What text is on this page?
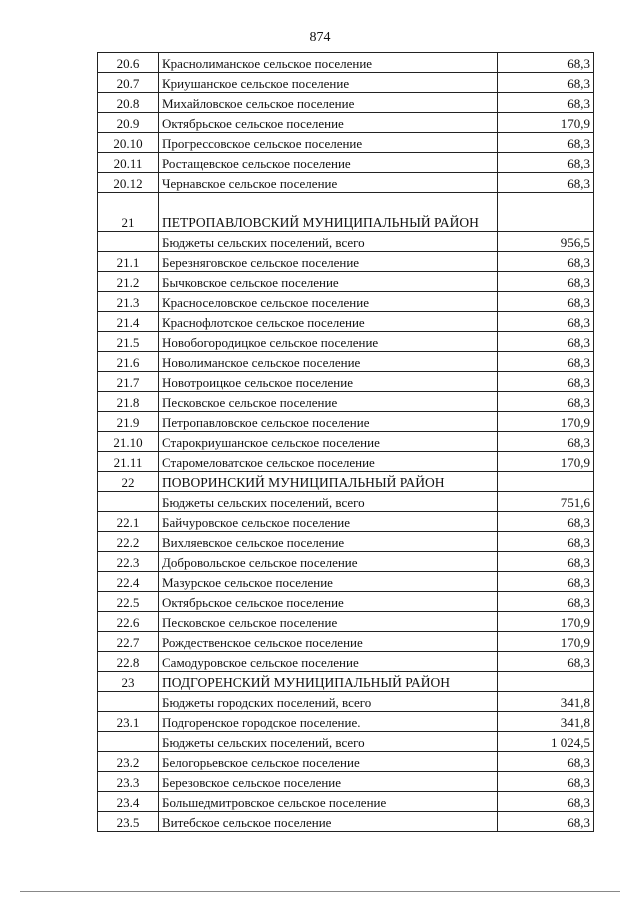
874
20.6	Краснолиманское сельское поселение	68,3
20.7	Криушанское сельское поселение	68,3
20.8	Михайловское сельское поселение	68,3
20.9	Октябрьское сельское поселение	170,9
20.10	Прогрессовское сельское поселение	68,3
20.11	Ростащевское сельское поселение	68,3
20.12	Чернавское сельское поселение	68,3
21	ПЕТРОПАВЛОВСКИЙ МУНИЦИПАЛЬНЫЙ РАЙОН	
	Бюджеты сельских поселений, всего	956,5
21.1	Березняговское сельское поселение	68,3
21.2	Бычковское сельское поселение	68,3
21.3	Красноселовское сельское поселение	68,3
21.4	Краснофлотское сельское поселение	68,3
21.5	Новобогородицкое сельское поселение	68,3
21.6	Новолиманское сельское поселение	68,3
21.7	Новотроицкое сельское поселение	68,3
21.8	Песковское сельское поселение	68,3
21.9	Петропавловское сельское поселение	170,9
21.10	Старокриушанское сельское поселение	68,3
21.11	Старомеловатское сельское поселение	170,9
22	ПОВОРИНСКИЙ МУНИЦИПАЛЬНЫЙ РАЙОН	
	Бюджеты сельских поселений, всего	751,6
22.1	Байчуровское сельское поселение	68,3
22.2	Вихляевское сельское поселение	68,3
22.3	Добровольское сельское поселение	68,3
22.4	Мазурское сельское поселение	68,3
22.5	Октябрьское сельское поселение	68,3
22.6	Песковское сельское поселение	170,9
22.7	Рождественское сельское поселение	170,9
22.8	Самодуровское сельское поселение	68,3
23	ПОДГОРЕНСКИЙ МУНИЦИПАЛЬНЫЙ РАЙОН	
	Бюджеты городских поселений, всего	341,8
23.1	Подгоренское городское поселение.	341,8
	Бюджеты сельских поселений, всего	1 024,5
23.2	Белогорьевское сельское поселение	68,3
23.3	Березовское сельское поселение	68,3
23.4	Большедмитровское сельское поселение	68,3
23.5	Витебское сельское поселение	68,3
